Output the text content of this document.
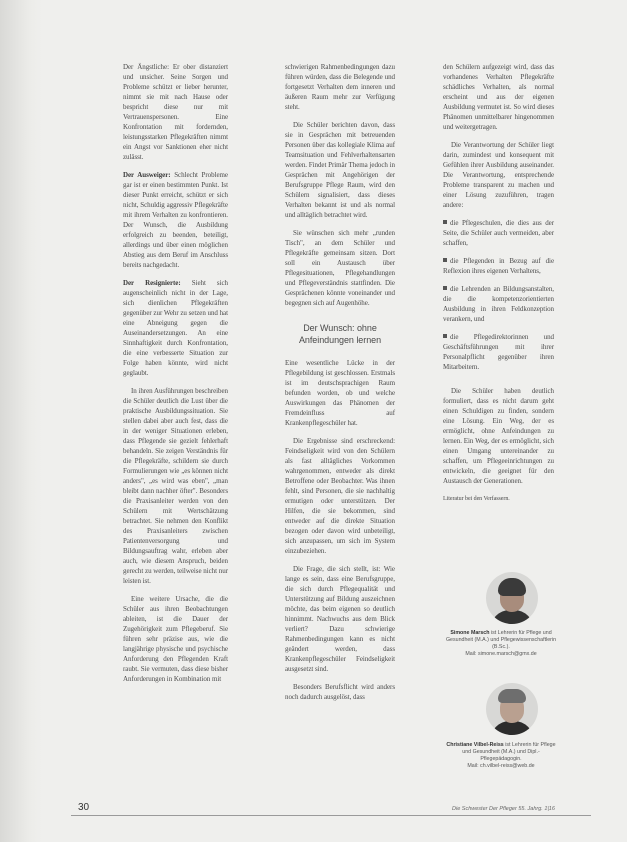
Der Ängstliche: Er ober distanziert und unsicher. Seine Sorgen und Probleme schützt er lieber herunter, nimmt sie mit nach Hause oder bespricht diese nur mit Vertrauenspersonen. Eine Konfrontation mit fordernden, leistungsstarken Pflegekräften nimmt ein Angst vor Sanktionen eher nicht zulässt.

Der Ausweiger: Schlecht Probleme gar ist er einen bestimmten Punkt. Ist dieser Punkt erreicht, schützt er sich nicht, Schuldig aggressiv Pflegekräfte mit ihrem Verhalten zu konfrontieren. Der Wunsch, die Ausbildung erfolgreich zu beenden, beteiligt, allerdings und über einen möglichen Abstieg aus dem Beruf im Anschluss bereits nachgedacht.

Der Resignierte: Sieht sich augenscheinlich nicht in der Lage, sich dienlichen Pflegekräften gegenüber zur Wehr zu setzen und hat eine Abneigung gegen die Auseinandersetzungen. An eine Sinnhaftigkeit durch Konfrontation, die eine verbesserte Situation zur Folge haben könnte, wird nicht geglaubt.

In ihren Ausführungen beschreiben die Schüler deutlich die Lust über die praktische Ausbildungssituation. Sie stellen dabei aber auch fest, dass die in der weniger Situationen erleben, dass Pflegende sie gezielt fehlerhaft behandeln. Sie zeigen Verständnis für die Pflegekräfte, schildern sie durch Formulierungen wie „es können nicht anders", „es wird was eben", „man bleibt dann nachher öfter". Besonders die Praxisanleiter werden von den Schülern mit Wertschätzung betrachtet. Sie nehmen den Konflikt des Praxisanleiters zwischen Patientenversorgung und Bildungsauftrag wahr, erleben aber auch, wie diesem Anspruch, beiden gerecht zu werden, teilweise nicht nur leisten ist.

Eine weitere Ursache, die die Schüler aus ihren Beobachtungen ableiten, ist die Dauer der Zugehörigkeit zum Pflegeberuf. Sie führen sehr präzise aus, wie die langjährige physische und psychische Anforderung den Pflegenden Kraft raubt. Sie vermuten, dass diese bisher Anforderungen in Kombination mit

schwierigen Rahmenbedingungen dazu führen würden, dass die Belegende und fortgesetzt Verhalten dem inneren und äußeren Raum mehr zur Verfügung steht.

Die Schüler berichten davon, dass sie in Gesprächen mit betreuenden Personen über das kollegiale Klima auf Teamsituation und Fehlverhaltensarten werden. Findet Primär Thema jedoch in Gesprächen mit Angehörigen der Berufsgruppe Pflege Raum, wird den Schülern signalisiert, dass dieses Verhalten bekannt ist und als normal und alltäglich betrachtet wird.

Sie wünschen sich mehr „runden Tisch", an dem Schüler und Pflegekräfte gemeinsam sitzen. Dort soll ein Austausch über Pflegesituationen, Pflegehandlungen und Pflegeverständnis stattfinden. Die Gesprächenen könnte voneinander und begegnen sich auf Augenhöhe.

Der Wunsch: ohne Anfeindungen lernen

Eine wesentliche Lücke in der Pflegebildung ist geschlossen. Erstmals ist im deutschsprachigen Raum befunden worden, ob und welche Auswirkungen das Phänomen der Fremdeinfluss auf Krankenpflegeschüler hat.

Die Ergebnisse sind erschreckend: Feindseligkeit wird von den Schülern als fast alltägliches Vorkommen wahrgenommen, entweder als direkt Betroffene oder Beobachter. Was ihnen fehlt, sind Personen, die sie nachhaltig ermutigen oder unterstützen. Der Hilfen, die sie bekommen, sind entweder auf die direkte Situation bezogen oder davon wird unbeteiligt, sich anzupassen, um sich im System einzubeziehen.

Die Frage, die sich stellt, ist: Wie lange es sein, dass eine Berufsgruppe, die sich durch Pflegequalität und Unterstützung auf Bildung auszeichnen möchte, das beim eigenen so deutlich hinnimmt. Nachwuchs aus dem Blick verliert? Dazu schwierige Rahmenbedingungen kann es nicht geändert werden, dass Krankenpflegeschüler Feindseligkeit ausgesetzt sind.

Besonders Berufsflicht wird anders noch dadurch ausgelöst, dass

den Schülern aufgezeigt wird, dass das vorhandenes Verhalten Pflegekräfte schädliches Verhalten, als normal erscheint und aus der eigenen Ausbildung vermutet ist. So wird dieses Phänomen unmittelbarer hingenommen und weitergetragen.

Die Verantwortung der Schüler liegt darin, zumindest und konsequent mit Gefühlen ihrer Ausbildung auseinander. Die Verantwortung, entsprechende Probleme transparent zu machen und einer Lösung zuzuführen, tragen andere:

die Pflegeschulen, die dies aus der Seite, die Schüler auch vermeiden, aber schaffen,

die Pflegenden in Bezug auf die Reflexion ihres eigenen Verhaltens,

die Lehrenden an Bildungsanstalten, die die kompetenzorientierten Ausbildung in ihren Feldkonzeption verankern, und

die Pflegedirektorinnen und Geschäftsführungen mit ihrer Personalpflicht gegenüber ihren Mitarbeitern.

Die Schüler haben deutlich formuliert, dass es nicht darum geht einen Schuldigen zu finden, sondern eine Lösung. Ein Weg, der es ermöglicht, ohne Anfeindungen zu lernen. Ein Weg, der es ermöglicht, sich einen Umgang untereinander zu schaffen, um Pflegeeinrichtungen zu entwickeln, die geeignet für den Austausch der Generationen.

Literatur bei den Verfassern.

Simone Marsch ist Lehrerin für Pflege und Gesundheit (M.A.) und Pflegewissenschaftlerin (B.Sc.).
Mail: simone.marsch@gmx.de
Christiane Vilbel-Reiss ist Lehrerin für Pflege und Gesundheit (M.A.) und Dipl.-Pflegepädagogin.
Mail: ch.vilbel-reiss@web.de
30	Die Schwester Der Pfleger 55. Jahrg. 1|16
